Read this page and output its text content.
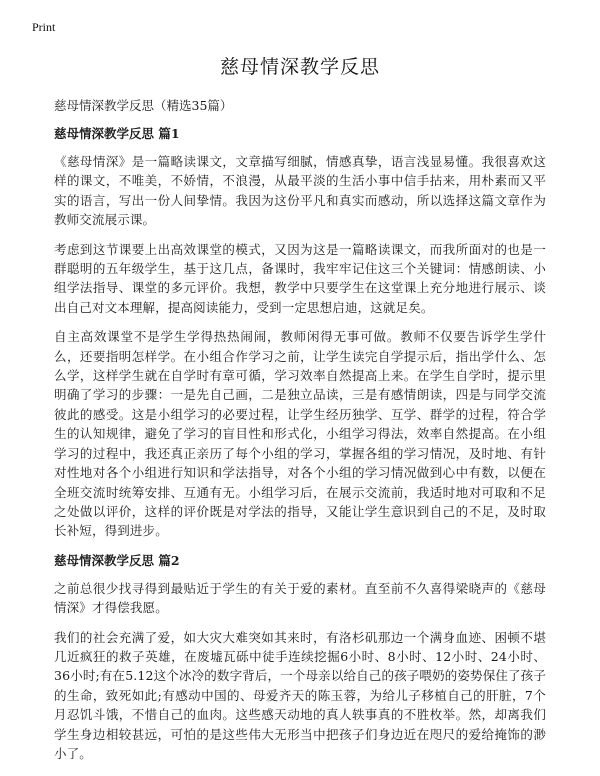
Print
慈母情深教学反思
慈母情深教学反思（精选35篇）
慈母情深教学反思 篇1

《慈母情深》是一篇略读课文，文章描写细腻，情感真挚，语言浅显易懂。我很喜欢这样的课文，不唯美，不娇情，不浪漫，从最平淡的生活小事中信手拈来，用朴素而又平实的语言，写出一份人间挚情。我因为这份平凡和真实而感动，所以选择这篇文章作为教师交流展示课。

考虑到这节课要上出高效课堂的模式，又因为这是一篇略读课文，而我所面对的也是一群聪明的五年级学生，基于这几点，备课时，我牢牢记住这三个关键词：情感朗读、小组学法指导、课堂的多元评价。我想，教学中只要学生在这堂课上充分地进行展示、谈出自己对文本理解，提高阅读能力，受到一定思想启迪，这就足矣。

自主高效课堂不是学生学得热热闹闹，教师闲得无事可做。教师不仅要告诉学生学什么，还要指明怎样学。在小组合作学习之前，让学生读完自学提示后，指出学什么、怎么学，这样学生就在自学时有章可循，学习效率自然提高上来。在学生自学时，提示里明确了学习的步骤：一是先自己画，二是独立品读，三是有感情朗读，四是与同学交流彼此的感受。这是小组学习的必要过程，让学生经历独学、互学、群学的过程，符合学生的认知规律，避免了学习的盲目性和形式化，小组学习得法，效率自然提高。在小组学习的过程中，我还真正亲历了每个小组的学习，掌握各组的学习情况，及时地、有针对性地对各个小组进行知识和学法指导，对各个小组的学习情况做到心中有数，以便在全班交流时统筹安排、互通有无。小组学习后，在展示交流前，我适时地对可取和不足之处做以评价，这样的评价既是对学法的指导，又能让学生意识到自己的不足，及时取长补短，得到进步。

慈母情深教学反思 篇2

之前总很少找寻得到最贴近于学生的有关于爱的素材。直至前不久喜得梁晓声的《慈母情深》才得偿我愿。

我们的社会充满了爱，如大灾大难突如其来时，有洛杉矶那边一个满身血迹、困顿不堪几近疯狂的救子英雄，在废墟瓦砾中徒手连续挖掘6小时、8小时、12小时、24小时、36小时;有在5.12这个冰冷的数字背后，一个母亲以给自己的孩子喂奶的姿势保住了孩子的生命，致死如此;有感动中国的、母爱齐天的陈玉蓉，为给儿子移植自己的肝脏，7个月忍饥斗饿，不惜自己的血肉。这些感天动地的真人轶事真的不胜枚举。然，却离我们学生身边相较甚远，可怕的是这些伟大无形当中把孩子们身边近在咫尺的爱给掩饰的渺小了。
